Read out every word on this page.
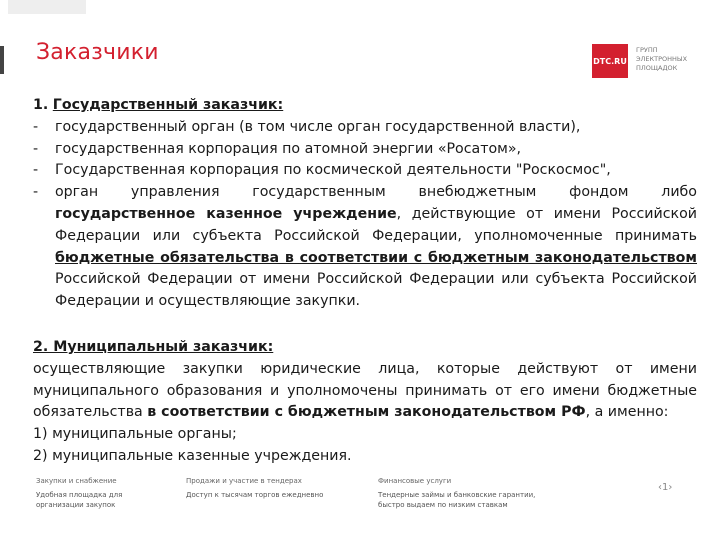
Заказчики	DTC.RU
ГРУПП
ЭЛЕКТРОННЫХ
ПЛОЩАДОК

1. Государственный заказчик:

- государственный орган (в том числе орган государственной власти),
- государственная корпорация по атомной энергии «Росатом»,
- Государственная корпорация по космической деятельности "Роскосмос",
- орган управления государственным внебюджетным фондом либо государственное казенное учреждение, действующие от имени Российской Федерации или субъекта Российской Федерации, уполномоченные принимать бюджетные обязательства в соответствии с бюджетным законодательством Российской Федерации от имени Российской Федерации или субъекта Российской Федерации и осуществляющие закупки.

2. Муниципальный заказчик:

осуществляющие закупки юридические лица, которые действуют от имени муниципального образования и уполномочены принимать от его имени бюджетные обязательства в соответствии с бюджетным законодательством РФ, а именно:

1) муниципальные органы;

2) муниципальные казенные учреждения.

Закупки и снабжение
Удобная площадка для
организации закупок
Продажи и участие в тендерах
Доступ к тысячам торгов ежедневно
Финансовые услуги
Тендерные займы и банковские гарантии,
быстро выдаем по низким ставкам
‹1›
